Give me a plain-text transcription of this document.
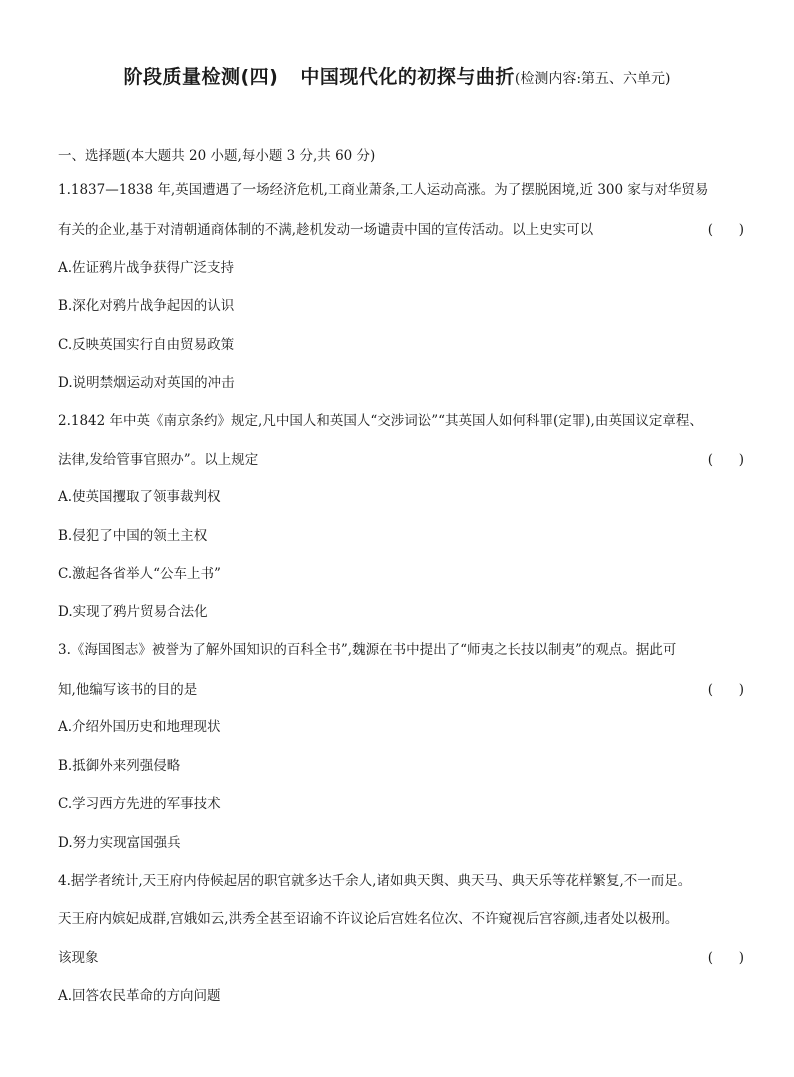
阶段质量检测(四) 中国现代化的初探与曲折(检测内容:第五、六单元)
一、选择题(本大题共 20 小题,每小题 3 分,共 60 分)
1.1837—1838 年,英国遭遇了一场经济危机,工商业萧条,工人运动高涨。为了摆脱困境,近 300 家与对华贸易
有关的企业,基于对清朝通商体制的不满,趁机发动一场谴责中国的宣传活动。以上史实可以	(      )
A.佐证鸦片战争获得广泛支持
B.深化对鸦片战争起因的认识
C.反映英国实行自由贸易政策
D.说明禁烟运动对英国的冲击
2.1842 年中英《南京条约》规定,凡中国人和英国人“交涉词讼”“其英国人如何科罪(定罪),由英国议定章程、
法律,发给管事官照办”。以上规定	(      )
A.使英国攫取了领事裁判权
B.侵犯了中国的领土主权
C.激起各省举人“公车上书”
D.实现了鸦片贸易合法化
3.《海国图志》被誉为了解外国知识的百科全书”,魏源在书中提出了“师夷之长技以制夷”的观点。据此可
知,他编写该书的目的是	(      )
A.介绍外国历史和地理现状
B.抵御外来列强侵略
C.学习西方先进的军事技术
D.努力实现富国强兵
4.据学者统计,天王府内侍候起居的职官就多达千余人,诸如典天舆、典天马、典天乐等花样繁复,不一而足。
天王府内嫔妃成群,宫娥如云,洪秀全甚至诏谕不许议论后宫姓名位次、不许窥视后宫容颜,违者处以极刑。
该现象	(      )
A.回答农民革命的方向问题
